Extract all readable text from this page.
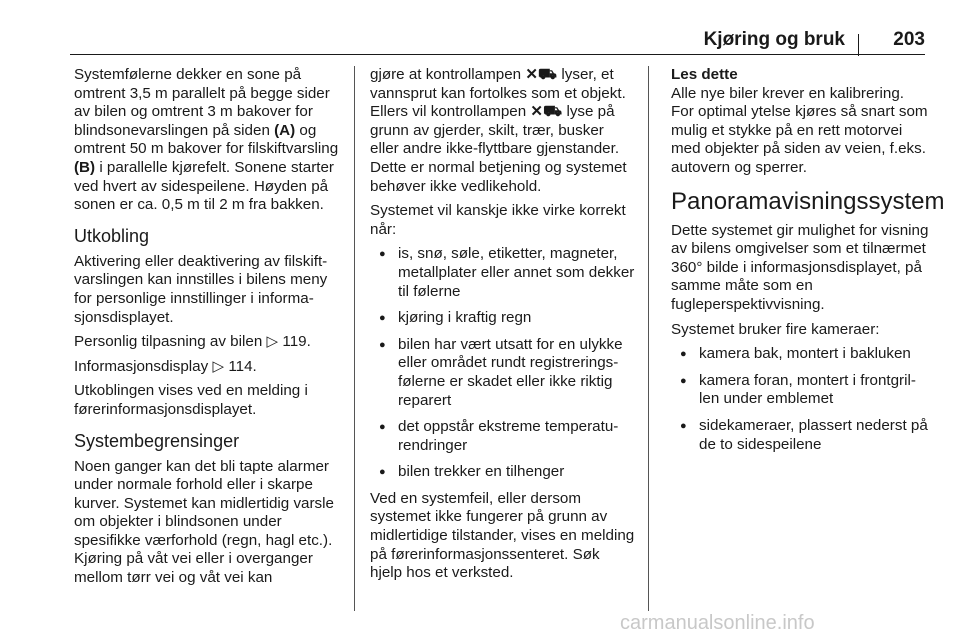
Kjøring og bruk	203

Systemfølerne dekker en sone på omtrent 3,5 m parallelt på begge sider av bilen og omtrent 3 m bakover for blindsonevarslingen på siden (A) og omtrent 50 m bakover for filskiftvarsling (B) i parallelle kjørefelt. Sonene starter ved hvert av sidespeilene. Høyden på sonen er ca. 0,5 m til 2 m fra bakken.

Utkobling

Aktivering eller deaktivering av filskiftvarslingen kan innstilles i bilens meny for personlige innstillinger i informasjonsdisplayet.

Personlig tilpasning av bilen ▷ 119.

Informasjonsdisplay ▷ 114.

Utkoblingen vises ved en melding i førerinformasjonsdisplayet.

Systembegrensinger

Noen ganger kan det bli tapte alarmer under normale forhold eller i skarpe kurver. Systemet kan midlertidig varsle om objekter i blindsonen under spesifikke værforhold (regn, hagl etc.). Kjøring på våt vei eller i overganger mellom tørr vei og våt vei kan

gjøre at kontrollampen ✕⛟ lyser, et vannsprut kan fortolkes som et objekt. Ellers vil kontrollampen ✕⛟ lyse på grunn av gjerder, skilt, trær, busker eller andre ikke-flyttbare gjenstander. Dette er normal betjening og systemet behøver ikke vedlikehold.

Systemet vil kanskje ikke virke korrekt når:

● is, snø, søle, etiketter, magneter, metallplater eller annet som dekker til følerne
● kjøring i kraftig regn
● bilen har vært utsatt for en ulykke eller området rundt registreringsfølerne er skadet eller ikke riktig reparert
● det oppstår ekstreme temperaturendringer
● bilen trekker en tilhenger

Ved en systemfeil, eller dersom systemet ikke fungerer på grunn av midlertidige tilstander, vises en melding på førerinformasjonssenteret. Søk hjelp hos et verksted.

Les dette
Alle nye biler krever en kalibrering. For optimal ytelse kjøres så snart som mulig et stykke på en rett motorvei med objekter på siden av veien, f.eks. autovern og sperrer.
Panoramavisningssystem

Dette systemet gir mulighet for visning av bilens omgivelser som et tilnærmet 360° bilde i informasjonsdisplayet, på samme måte som en fugleperspektivvisning.

Systemet bruker fire kameraer:

● kamera bak, montert i bakluken
● kamera foran, montert i frontgrillen under emblemet
● sidekameraer, plassert nederst på de to sidespeilene
carmanualsonline.info
